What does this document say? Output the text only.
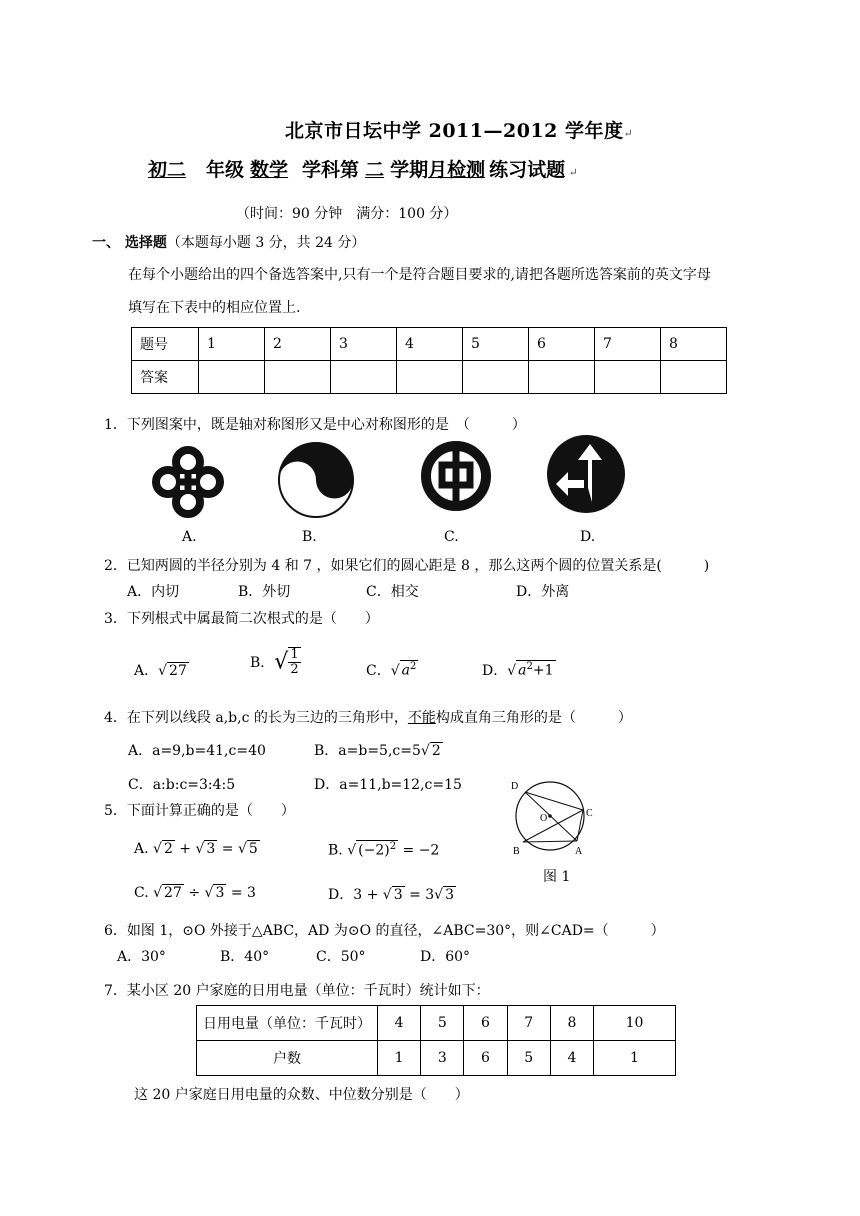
北京市日坛中学 2011—2012 学年度↵
初二 年级 数学 学科第 二 学期月检测 练习试题 ↵
（时间：90 分钟　满分：100 分）
一、 选择题（本题每小题 3 分，共 24 分）
在每个小题给出的四个备选答案中,只有一个是符合题目要求的,请把各题所选答案前的英文字母
填写在下表中的相应位置上.
题号	1	2	3	4	5	6	7	8
答案								
1．下列图案中，既是轴对称图形又是中心对称图形的是　（　　　）
A.	B.	C.	D.
2．已知两圆的半径分别为 4 和 7 ，如果它们的圆心距是 8 ，那么这两个圆的位置关系是(　　　)
A．内切	B．外切	C．相交	D．外离
3．下列根式中属最简二次根式的是（　　）
A．√ 27	B．√ $\frac{1}{2}$	C．√ $a^2$	D．√ $a^2+1$
4．在下列以线段 a,b,c 的长为三边的三角形中，不能构成直角三角形的是（　　　）
A．a=9,b=41,c=40	B．a=b=5,c=5√ 2
C．a:b:c=3:4:5	D．a=11,b=12,c=15	D
C
O
B	A
图 1
5．下面计算正确的是（　　）
A. √ 2 + √ 3 = √ 5	B. √ $(-2)^2 = -2$
C. √ 27 ÷ √ 3 = 3	D．3 + √ 3 = 3√ 3
6．如图 1，⊙O 外接于△ABC，AD 为⊙O 的直径，∠ABC=30°，则∠CAD=（　　　）
A．30°	B．40°	C．50°	D．60°
7．某小区 20 户家庭的日用电量（单位：千瓦时）统计如下：
日用电量（单位：千瓦时）	4	5	6	7	8	10
户数	1	3	6	5	4	1
这 20 户家庭日用电量的众数、中位数分别是（　　）
